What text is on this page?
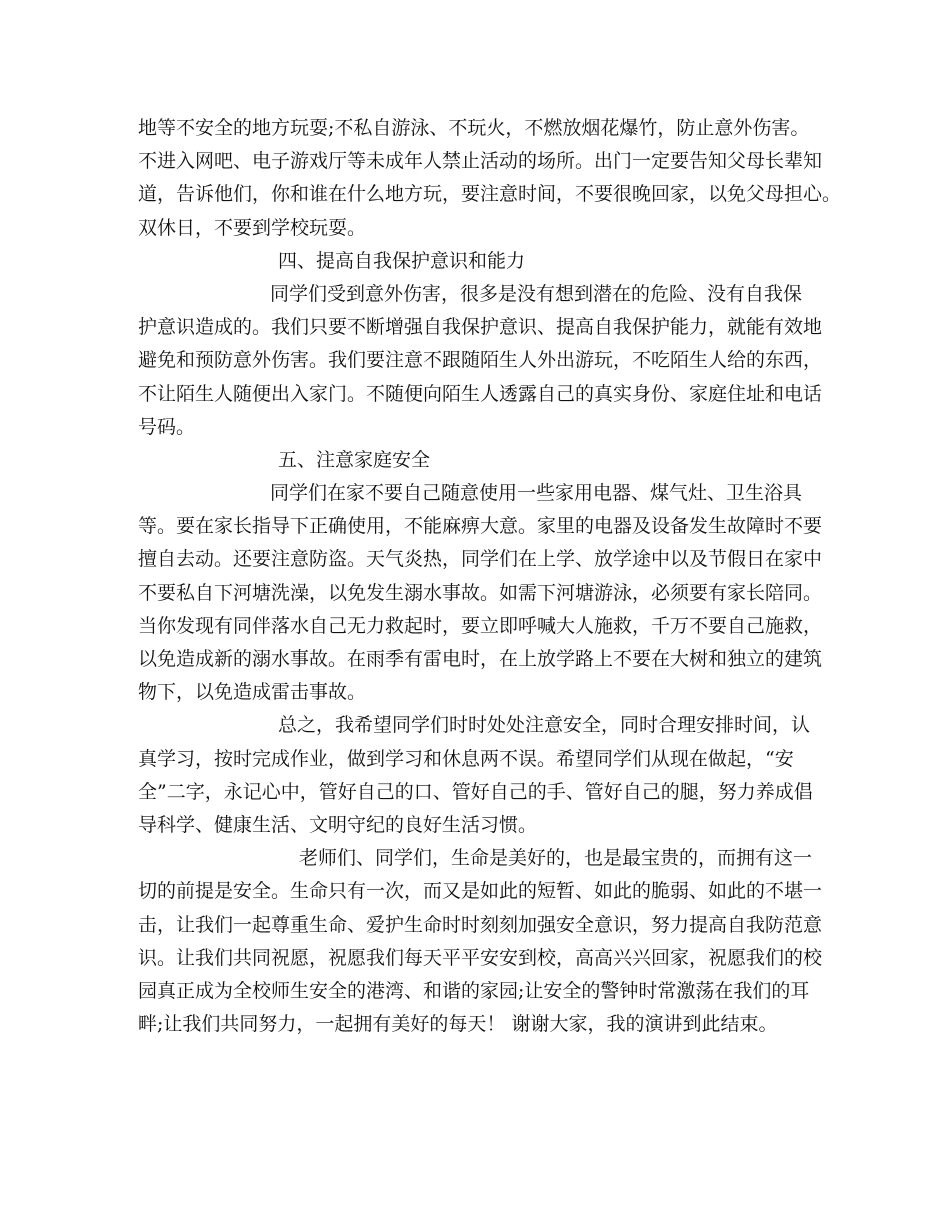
地等不安全的地方玩耍;不私自游泳、不玩火，不燃放烟花爆竹，防止意外伤害。
不进入网吧、电子游戏厅等未成年人禁止活动的场所。出门一定要告知父母长辈知
道，告诉他们，你和谁在什么地方玩，要注意时间，不要很晚回家，以免父母担心。
双休日，不要到学校玩耍。
四、提高自我保护意识和能力
同学们受到意外伤害，很多是没有想到潜在的危险、没有自我保
护意识造成的。我们只要不断增强自我保护意识、提高自我保护能力，就能有效地
避免和预防意外伤害。我们要注意不跟随陌生人外出游玩，不吃陌生人给的东西，
不让陌生人随便出入家门。不随便向陌生人透露自己的真实身份、家庭住址和电话
号码。
五、注意家庭安全
同学们在家不要自己随意使用一些家用电器、煤气灶、卫生浴具
等。要在家长指导下正确使用，不能麻痹大意。家里的电器及设备发生故障时不要
擅自去动。还要注意防盗。天气炎热，同学们在上学、放学途中以及节假日在家中
不要私自下河塘洗澡，以免发生溺水事故。如需下河塘游泳，必须要有家长陪同。
当你发现有同伴落水自己无力救起时，要立即呼喊大人施救，千万不要自己施救，
以免造成新的溺水事故。在雨季有雷电时，在上放学路上不要在大树和独立的建筑
物下，以免造成雷击事故。
总之，我希望同学们时时处处注意安全，同时合理安排时间，认
真学习，按时完成作业，做到学习和休息两不误。希望同学们从现在做起，“安
全”二字，永记心中，管好自己的口、管好自己的手、管好自己的腿，努力养成倡
导科学、健康生活、文明守纪的良好生活习惯。
老师们、同学们，生命是美好的，也是最宝贵的，而拥有这一
切的前提是安全。生命只有一次，而又是如此的短暂、如此的脆弱、如此的不堪一
击，让我们一起尊重生命、爱护生命时时刻刻加强安全意识，努力提高自我防范意
识。让我们共同祝愿，祝愿我们每天平平安安到校，高高兴兴回家，祝愿我们的校
园真正成为全校师生安全的港湾、和谐的家园;让安全的警钟时常激荡在我们的耳
畔;让我们共同努力，一起拥有美好的每天！ 谢谢大家，我的演讲到此结束。
